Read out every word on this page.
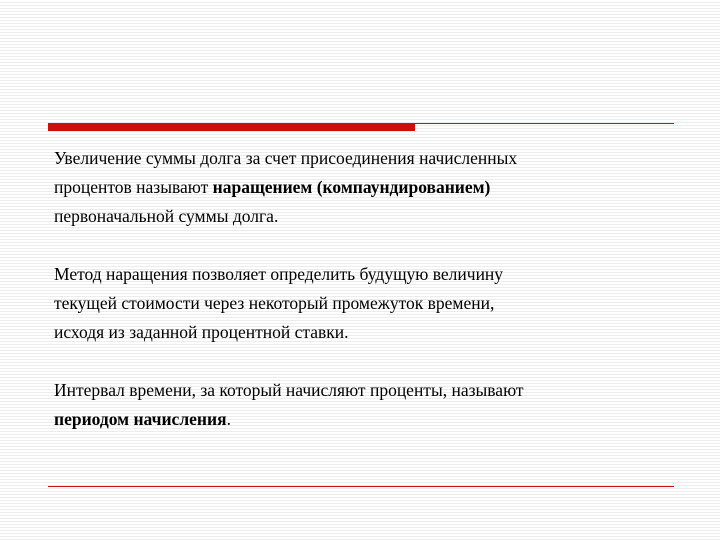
Увеличение суммы долга за счет присоединения начисленных
процентов называют наращением (компаундированием)
первоначальной суммы долга.

Метод наращения позволяет определить будущую величину
текущей стоимости через некоторый промежуток времени,
исходя из заданной процентной ставки.

Интервал времени, за который начисляют проценты, называют
периодом начисления.
